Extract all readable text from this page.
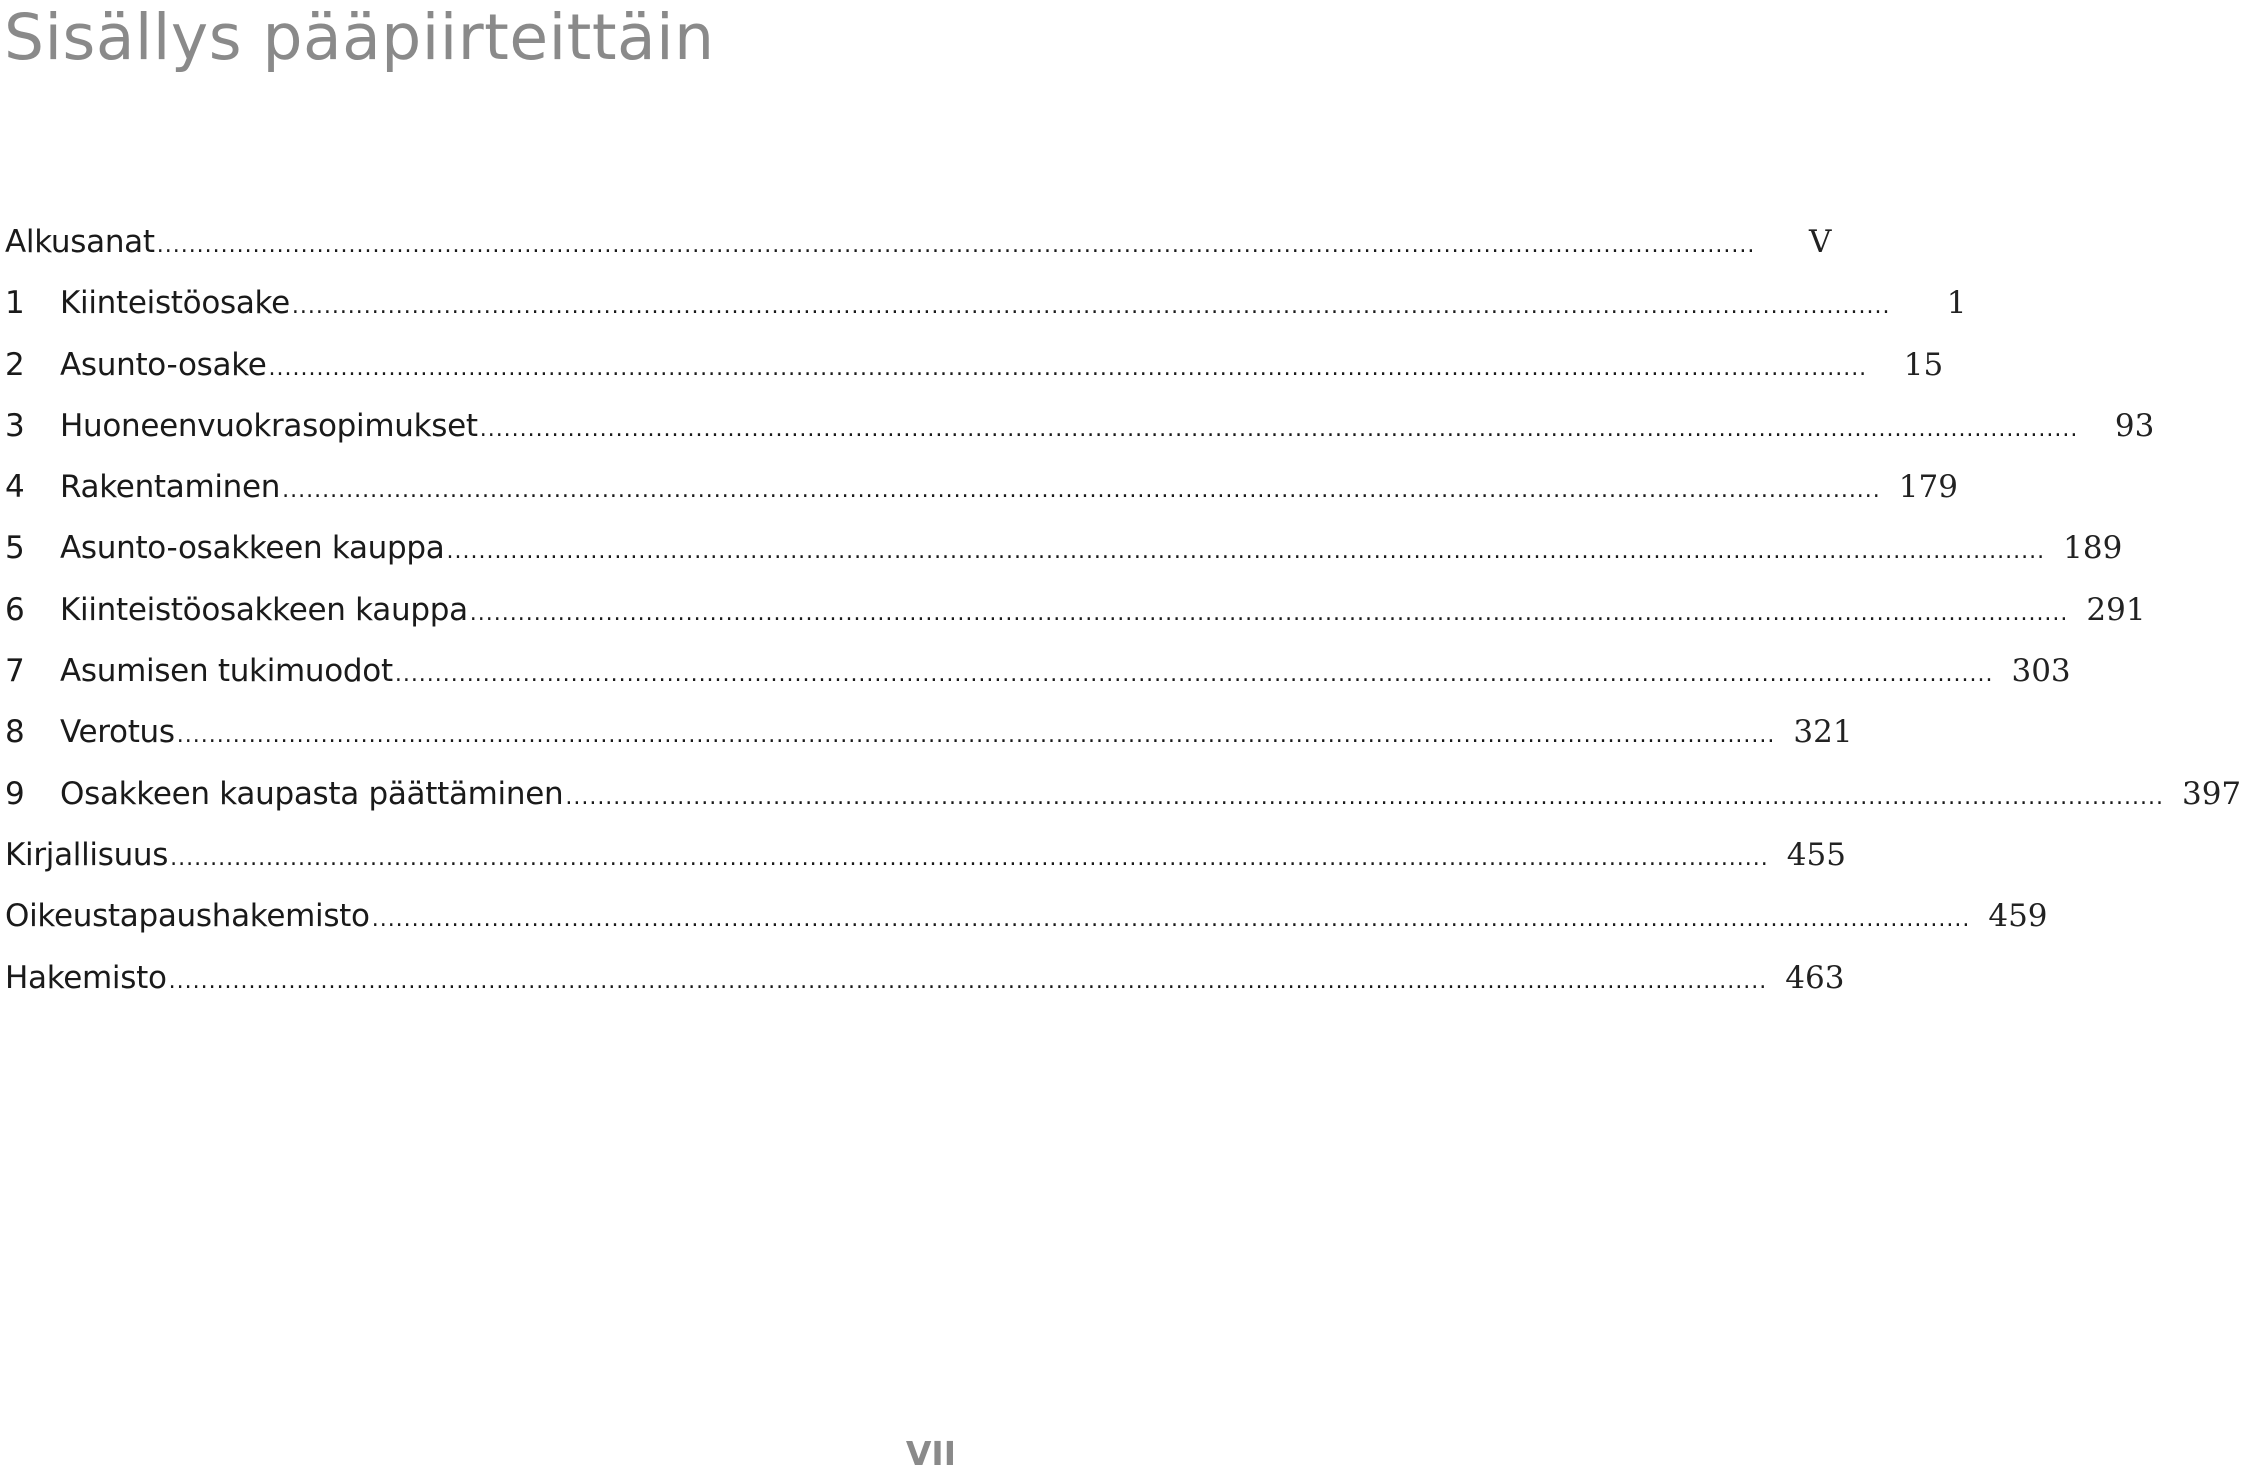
Sisällys pääpiirteittäin
Alkusanat ........................................................................................................................................................................................................	V
1	Kiinteistöosake ........................................................................................................................................................................................................	1
2	Asunto-osake ........................................................................................................................................................................................................	15
3	Huoneenvuokrasopimukset ........................................................................................................................................................................................................	93
4	Rakentaminen ........................................................................................................................................................................................................ 179
5	Asunto-osakkeen kauppa ........................................................................................................................................................................................................ 189
6	Kiinteistöosakkeen kauppa ........................................................................................................................................................................................................ 291
7	Asumisen tukimuodot ........................................................................................................................................................................................................ 303
8	Verotus ........................................................................................................................................................................................................ 321
9	Osakkeen kaupasta päättäminen ........................................................................................................................................................................................................ 397
Kirjallisuus ........................................................................................................................................................................................................ 455
Oikeustapaushakemisto ........................................................................................................................................................................................................ 459
Hakemisto ........................................................................................................................................................................................................ 463
VII
